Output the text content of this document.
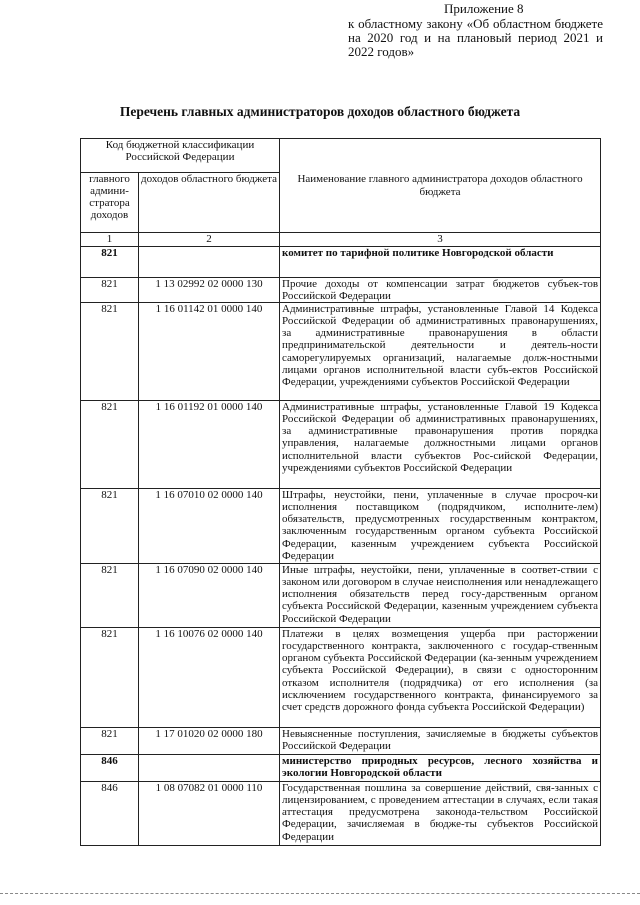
Приложение 8
к областному закону «Об областном бюджете на 2020 год и на плановый период 2021 и 2022 годов»
Перечень главных администраторов доходов областного бюджета
Код бюджетной классификации Российской Федерации		Наименование главного администратора доходов областного бюджета
главного админи-стратора доходов	доходов областного бюджета	
1	2	3
821		комитет по тарифной политике Новгородской области
821	1 13 02992 02 0000 130	Прочие доходы от компенсации затрат бюджетов субъек-тов Российской Федерации
821	1 16 01142 01 0000 140	Административные штрафы, установленные Главой 14 Кодекса Российской Федерации об административных правонарушениях, за административные правонарушения в области предпринимательской деятельности и деятель-ности саморегулируемых организаций, налагаемые долж-ностными лицами органов исполнительной власти субъ-ектов Российской Федерации, учреждениями субъектов Российской Федерации
821	1 16 01192 01 0000 140	Административные штрафы, установленные Главой 19 Кодекса Российской Федерации об административных правонарушениях, за административные правонарушения против порядка управления, налагаемые должностными лицами органов исполнительной власти субъектов Рос-сийской Федерации, учреждениями субъектов Российской Федерации
821	1 16 07010 02 0000 140	Штрафы, неустойки, пени, уплаченные в случае просроч-ки исполнения поставщиком (подрядчиком, исполните-лем) обязательств, предусмотренных государственным контрактом, заключенным государственным органом субъекта Российской Федерации, казенным учреждением субъекта Российской Федерации
821	1 16 07090 02 0000 140	Иные штрафы, неустойки, пени, уплаченные в соответ-ствии с законом или договором в случае неисполнения или ненадлежащего исполнения обязательств перед госу-дарственным органом субъекта Российской Федерации, казенным учреждением субъекта Российской Федерации
821	1 16 10076 02 0000 140	Платежи в целях возмещения ущерба при расторжении государственного контракта, заключенного с государ-ственным органом субъекта Российской Федерации (ка-зенным учреждением субъекта Российской Федерации), в связи с односторонним отказом исполнителя (подрядчика) от его исполнения (за исключением государственного контракта, финансируемого за счет средств дорожного фонда субъекта Российской Федерации)
821	1 17 01020 02 0000 180	Невыясненные поступления, зачисляемые в бюджеты субъектов Российской Федерации
846		министерство природных ресурсов, лесного хозяйства и экологии Новгородской области
846	1 08 07082 01 0000 110	Государственная пошлина за совершение действий, свя-занных с лицензированием, с проведением аттестации в случаях, если такая аттестация предусмотрена законода-тельством Российской Федерации, зачисляемая в бюдже-ты субъектов Российской Федерации
